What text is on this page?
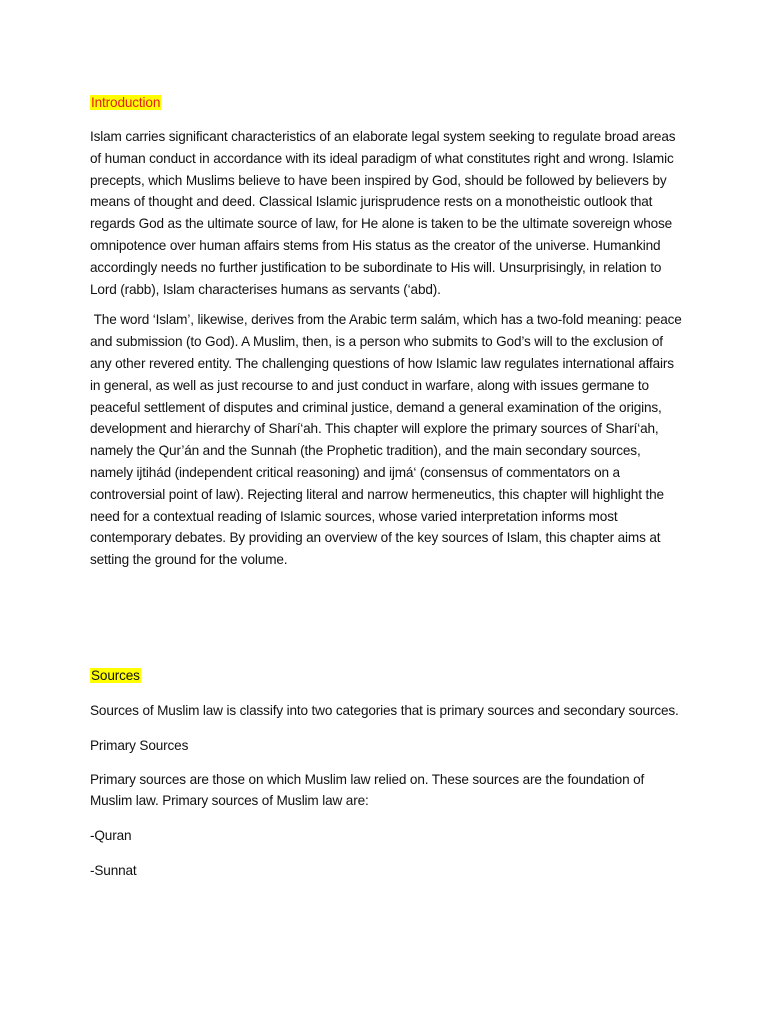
Introduction

Islam carries significant characteristics of an elaborate legal system seeking to regulate broad areas of human conduct in accordance with its ideal paradigm of what constitutes right and wrong. Islamic precepts, which Muslims believe to have been inspired by God, should be followed by believers by means of thought and deed. Classical Islamic jurisprudence rests on a monotheistic outlook that regards God as the ultimate source of law, for He alone is taken to be the ultimate sovereign whose omnipotence over human affairs stems from His status as the creator of the universe. Humankind accordingly needs no further justification to be subordinate to His will. Unsurprisingly, in relation to Lord (rabb), Islam characterises humans as servants (‘abd).

The word ‘Islam’, likewise, derives from the Arabic term salám, which has a two-fold meaning: peace and submission (to God). A Muslim, then, is a person who submits to God’s will to the exclusion of any other revered entity. The challenging questions of how Islamic law regulates international affairs in general, as well as just recourse to and just conduct in warfare, along with issues germane to peaceful settlement of disputes and criminal justice, demand a general examination of the origins, development and hierarchy of Sharí‘ah. This chapter will explore the primary sources of Sharí‘ah, namely the Qur’án and the Sunnah (the Prophetic tradition), and the main secondary sources, namely ijtihád (independent critical reasoning) and ijmá‘ (consensus of commentators on a controversial point of law). Rejecting literal and narrow hermeneutics, this chapter will highlight the need for a contextual reading of Islamic sources, whose varied interpretation informs most contemporary debates. By providing an overview of the key sources of Islam, this chapter aims at setting the ground for the volume.

Sources

Sources of Muslim law is classify into two categories that is primary sources and secondary sources.

Primary Sources

Primary sources are those on which Muslim law relied on. These sources are the foundation of Muslim law. Primary sources of Muslim law are:

-Quran

-Sunnat
